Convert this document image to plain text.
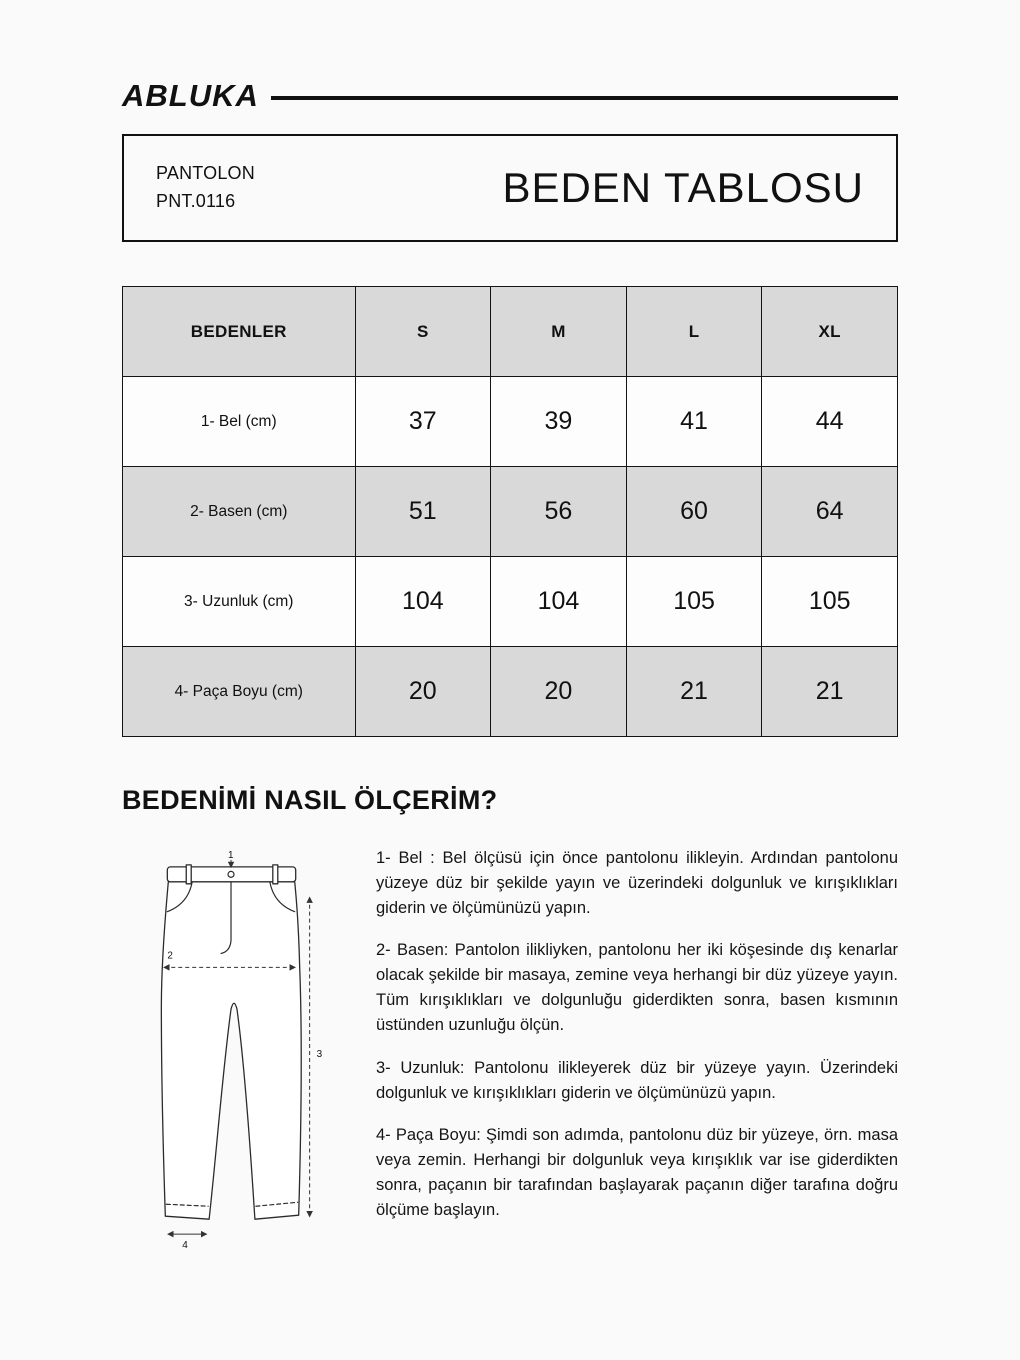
ABLUKA
PANTOLON
PNT.0116	BEDEN TABLOSU
BEDENLER	S	M	L	XL
1- Bel (cm)	37	39	41	44
2- Basen (cm)	51	56	60	64
3- Uzunluk (cm)	104	104	105	105
4- Paça Boyu (cm)	20	20	21	21
BEDENİMİ NASIL ÖLÇERİM?
1
2
3
4

1- Bel : Bel ölçüsü için önce pantolonu ilikleyin. Ardından pantolonu yüzeye düz bir şekilde yayın ve üzerindeki dolgunluk ve kırışıklıkları giderin ve ölçümünüzü yapın.

2- Basen: Pantolon ilikliyken, pantolonu her iki köşesinde dış kenarlar olacak şekilde bir masaya, zemine veya herhangi bir düz yüzeye yayın. Tüm kırışıklıkları ve dolgunluğu giderdikten sonra, basen kısmının üstünden uzunluğu ölçün.

3- Uzunluk: Pantolonu ilikleyerek düz bir yüzeye yayın. Üzerindeki dolgunluk ve kırışıklıkları giderin ve ölçümünüzü yapın.

4- Paça Boyu: Şimdi son adımda, pantolonu düz bir yüzeye, örn. masa veya zemin. Herhangi bir dolgunluk veya kırışıklık var ise giderdikten sonra, paçanın bir tarafından başlayarak paçanın diğer tarafına doğru ölçüme başlayın.
